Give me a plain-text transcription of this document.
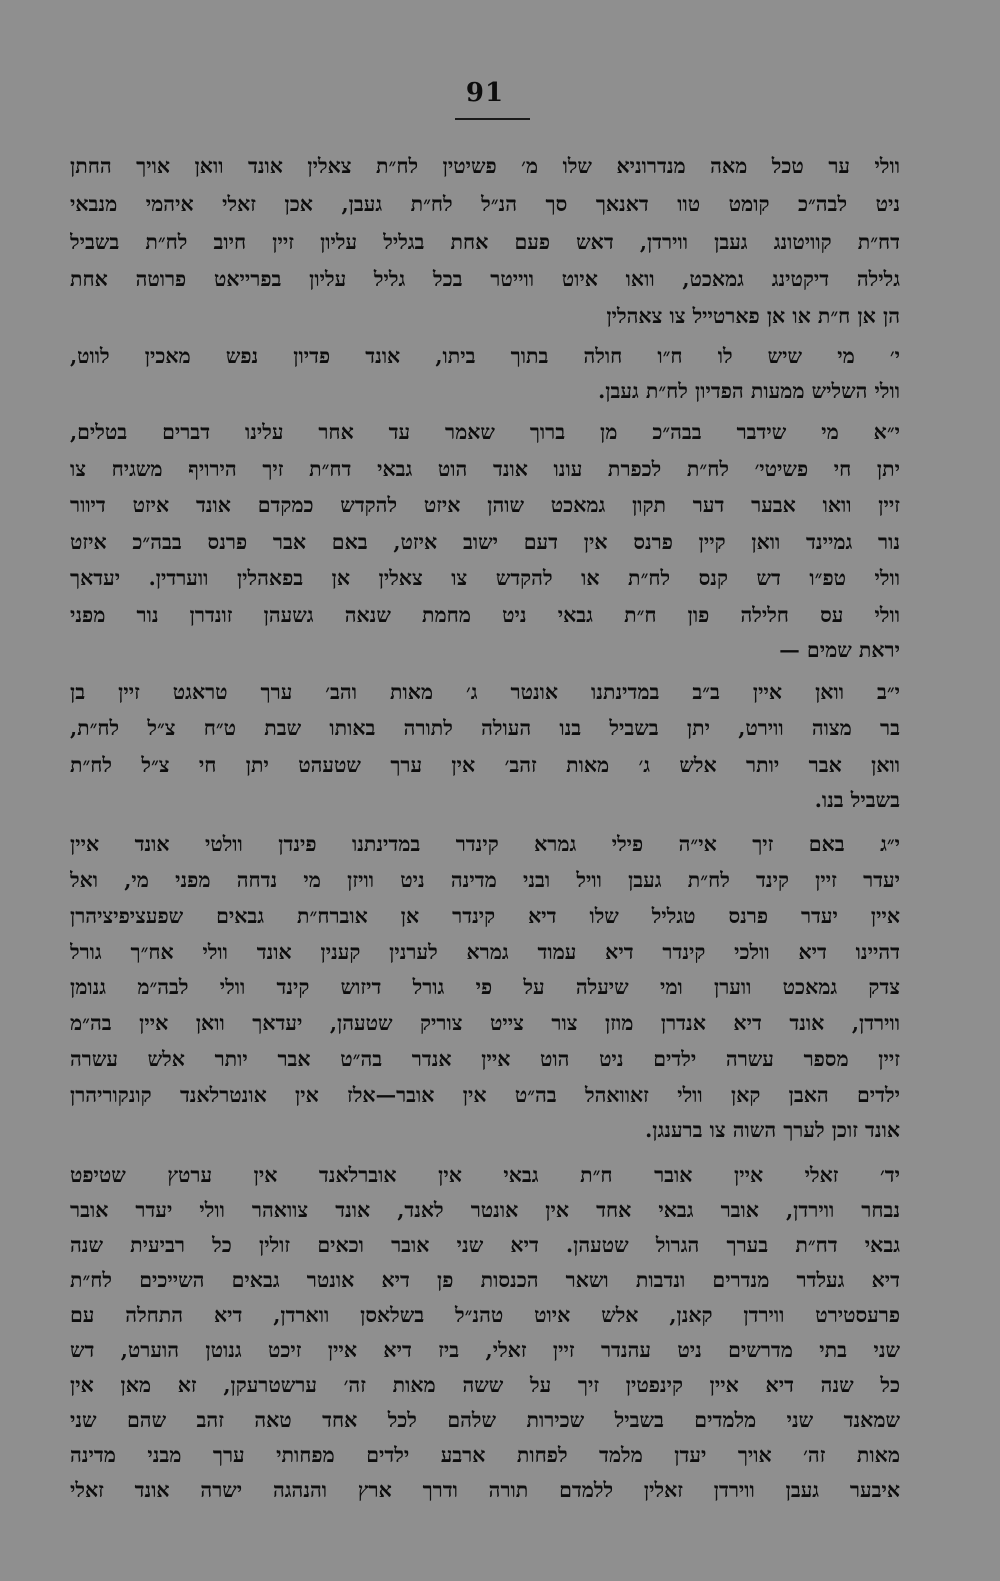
91
וולי ער טכל מאה מנדרוניא שלו מ׳ פשיטין לח״ת צאלין אונד וואן אויך החתן
ניט לבה״כ קומט טוו דאנאך סך הנ״ל לח״ת געבן, אכן זאלי איהמי מנבאי
דח״ת קוויטונג געבן ווירדן, דאש פעם אחת בגליל עליון זיין חיוב לח״ת בשביל
גלילה דיקטינג גמאכט, וואו איוט ווייטר בכל גליל עליון בפרייאט פרוטה אחת
הן אן ח״ת או אן פארטייל צו צאהלין
י׳ מי שיש לו ח״ו חולה בתוך ביתו, אונד פדיון נפש מאכין לווט,
וולי השליש ממעות הפדיון לח״ת געבן.
י״א מי שידבר בבה״כ מן ברוך שאמר עד אחר עלינו דברים בטלים,
יתן חי פשיטי׳ לח״ת לכפרת עונו אונד הוט גבאי דח״ת זיך הירויף משגיח צו
זיין וואו אבער דער תקון גמאכט שוהן איזט להקדש כמקדם אונד איזט דיוור
נור גמיינד וואן קיין פרנס אין דעם ישוב איזט, באם אבר פרנס בבה״כ איזט
וולי טפ״ו דש קנס לח״ת או להקדש צו צאלין אן בפאהלין ווערדין. יעדאך
וולי עס חלילה פון ח״ת גבאי ניט מחמת שנאה גשעהן זונדרן נור מפני
יראת שמים —
י״ב וואן איין ב״ב במדינתנו אונטר ג׳ מאות והב׳ ערך טראגט זיין בן
בר מצוה ווירט, יתן בשביל בנו העולה לתורה באותו שבת ט״ח צ״ל לח״ת,
וואן אבר יותר אלש ג׳ מאות זהב׳ אין ערך שטעהט יתן חי צ״ל לח״ת
בשביל בנו.
י״ג באם זיך אי״ה פילי גמרא קינדר במדינתנו פינדן וולטי אונד איין
יעדר זיין קינד לח״ת געבן וויל ובני מדינה ניט וויזן מי נדחה מפני מי, ואל
איין יעדר פרנס טגליל שלו דיא קינדר אן אוברח״ת גבאים שפעציפיציהרן
דהיינו דיא וולכי קינדר דיא עמוד גמרא לערנין קענין אונד וולי אח״ך גורל
צדק גמאכט ווערן ומי שיעלה על פי גורל דיזוש קינד וולי לבה״מ גנומן
ווירדן, אונד דיא אנדרן מוזן צור צייט צוריק שטעהן, יעדאך וואן איין בה״מ
זיין מספר עשרה ילדים ניט הוט איין אנדר בה״ט אבר יותר אלש עשרה
ילדים האבן קאן וולי זאוואהל בה״ט אין אובר—אלז אין אונטרלאנד קונקוריהרן
אונד זוכן לערך השוה צו ברענגן.
יד׳ זאלי איין אובר ח״ת גבאי אין אוברלאנד אין ערטץ שטיפט
נבחר ווירדן, אובר גבאי אחד אין אונטר לאנד, אונד צוואהר וולי יעדר אובר
גבאי דח״ת בערך הגרול שטעהן. דיא שני אובר וכאים זולין כל רביעית שנה
דיא געלדר מנדרים ונדבות ושאר הכנסות פן דיא אונטר גבאים השייכים לח״ת
פרעסטירט ווירדן קאנן, אלש איוט טהנ״ל בשלאסן ווארדן, דיא התחלה עם
שני בתי מדרשים ניט עהנדר זיין זאלי, ביז דיא איין זיכט גנוטן הוערט, דש
כל שנה דיא איין קינפטין זיך על ששה מאות זה׳ ערשטרעקן, זא מאן אין
שמאנד שני מלמדים בשביל שכירות שלהם לכל אחד טאה זהב שהם שני
מאות זה׳ אויך יעדן מלמד לפחות ארבע ילדים מפחותי ערך מבני מדינה
איבער געבן ווירדן זאלין ללמדם תורה ודרך ארץ והנהגה ישרה אונד זאלי
